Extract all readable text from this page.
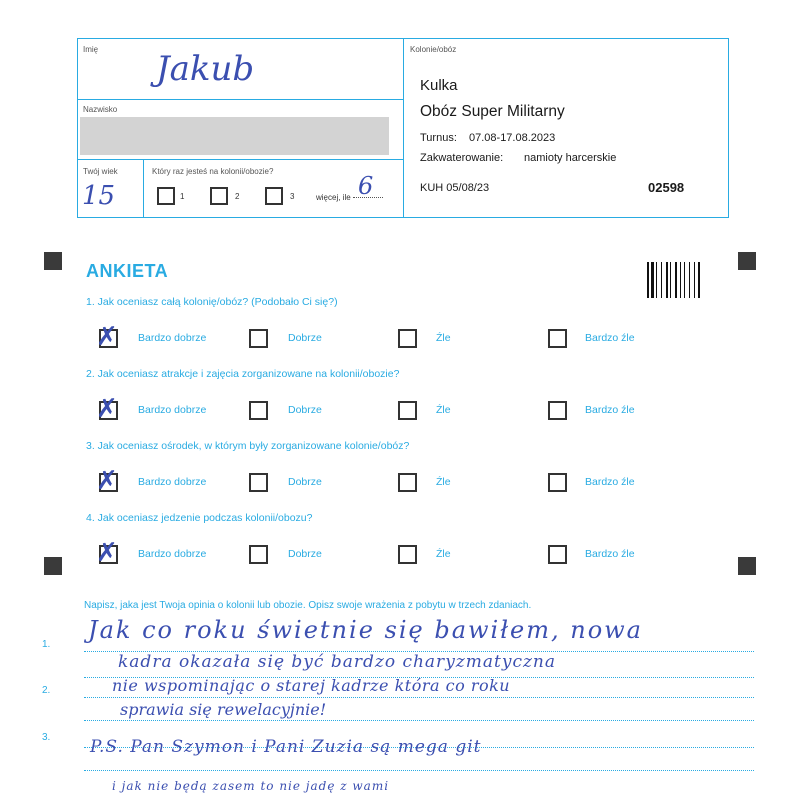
Imię Jakub
Nazwisko
Twój wiek
15
Który raz jesteś na kolonii/obozie?
1	2	3	więcej, ile 6
Kolonie/obóz
Kulka
Obóz Super Militarny
Turnus: 07.08-17.08.2023
Zakwaterowanie: namioty harcerskie
KUH 05/08/23	02598
ANKIETA
1. Jak oceniasz całą kolonię/obóz? (Podobało Ci się?)
✗ Bardzo dobrze	Dobrze	Źle	Bardzo źle
2. Jak oceniasz atrakcje i zajęcia zorganizowane na kolonii/obozie?
✗ Bardzo dobrze	Dobrze	Źle	Bardzo źle
3. Jak oceniasz ośrodek, w którym były zorganizowane kolonie/obóz?
✗ Bardzo dobrze	Dobrze	Źle	Bardzo źle
4. Jak oceniasz jedzenie podczas kolonii/obozu?
✗ Bardzo dobrze	Dobrze	Źle	Bardzo źle
Napisz, jaka jest Twoja opinia o kolonii lub obozie. Opisz swoje wrażenia z pobytu w trzech zdaniach.
1.
2.
3.
Jak co roku świetnie się bawiłem, nowa
kadra okazała się być bardzo charyzmatyczna
nie wspominając o starej kadrze która co roku
sprawia się rewelacyjnie!
P.S. Pan Szymon i Pani Zuzia są mega git
i jak nie będą zasem to nie jadę z wami
